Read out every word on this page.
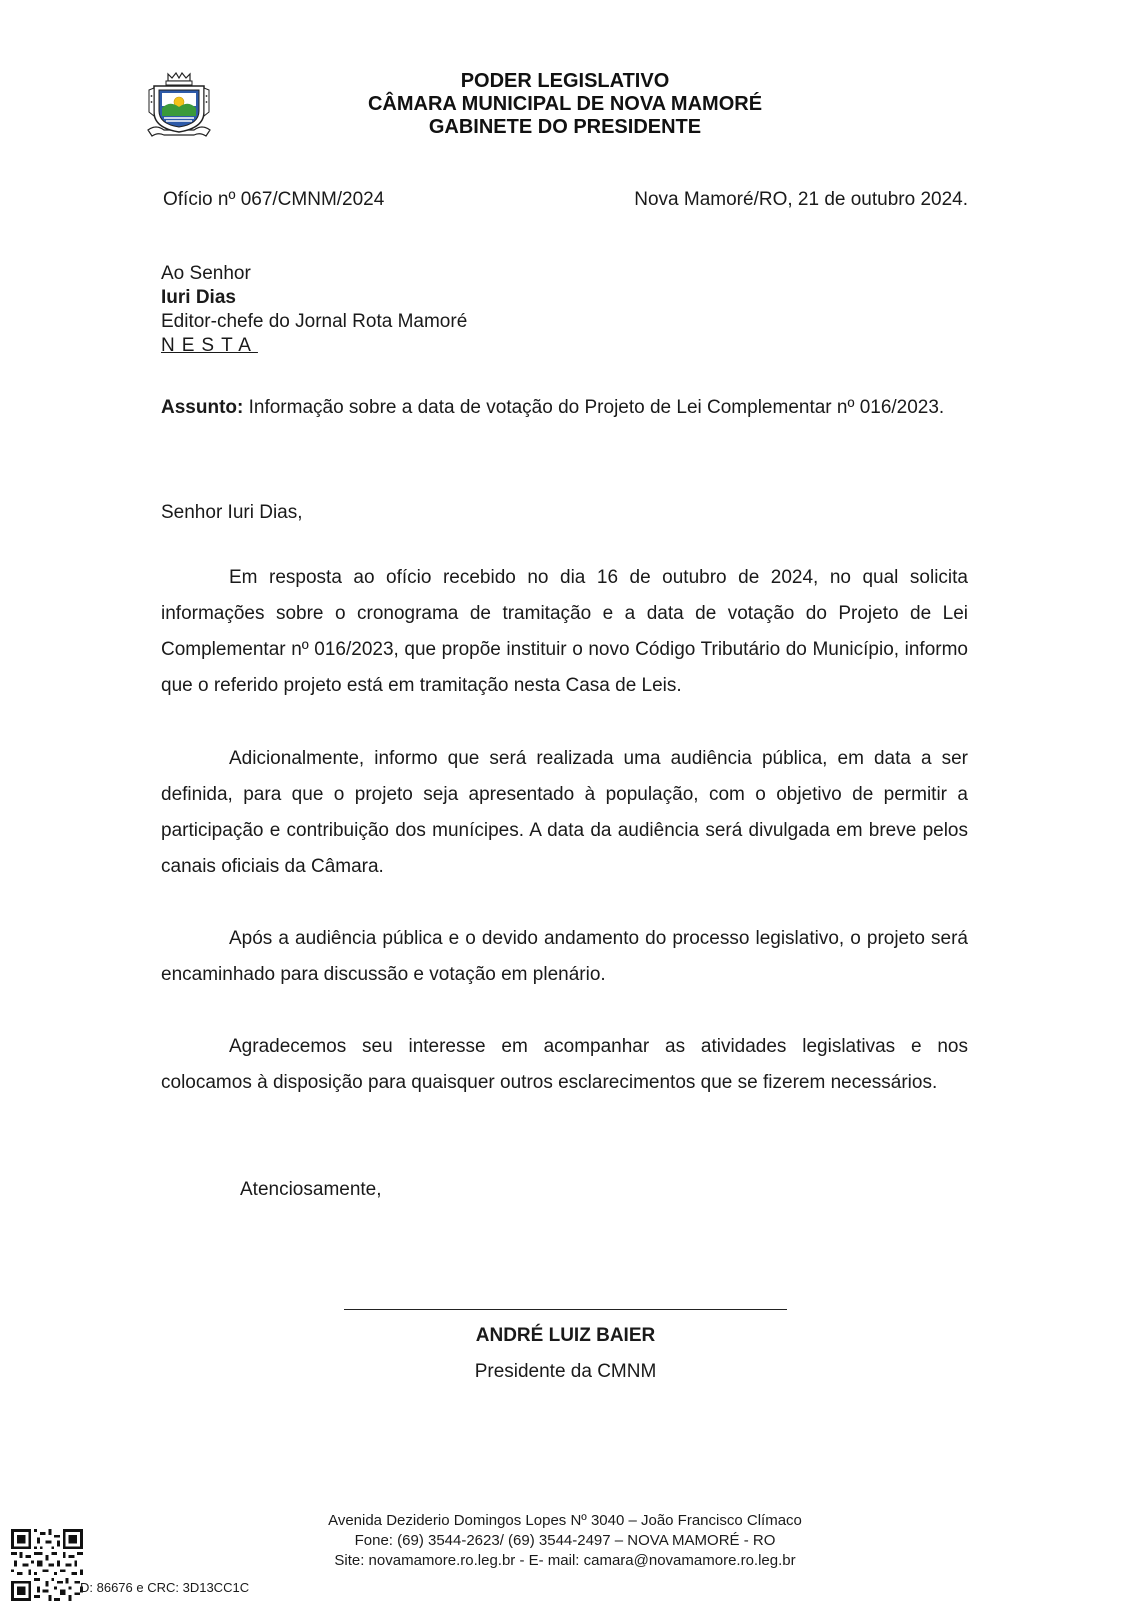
PODER LEGISLATIVO
CÂMARA MUNICIPAL DE NOVA MAMORÉ
GABINETE DO PRESIDENTE
Ofício nº 067/CMNM/2024	Nova Mamoré/RO, 21 de outubro 2024.
Ao Senhor
Iuri Dias
Editor-chefe do Jornal Rota Mamoré
NESTA
Assunto: Informação sobre a data de votação do Projeto de Lei Complementar nº 016/2023.
Senhor Iuri Dias,
Em resposta ao ofício recebido no dia 16 de outubro de 2024, no qual solicita informações sobre o cronograma de tramitação e a data de votação do Projeto de Lei Complementar nº 016/2023, que propõe instituir o novo Código Tributário do Município, informo que o referido projeto está em tramitação nesta Casa de Leis.
Adicionalmente, informo que será realizada uma audiência pública, em data a ser definida, para que o projeto seja apresentado à população, com o objetivo de permitir a participação e contribuição dos munícipes. A data da audiência será divulgada em breve pelos canais oficiais da Câmara.
Após a audiência pública e o devido andamento do processo legislativo, o projeto será encaminhado para discussão e votação em plenário.
Agradecemos seu interesse em acompanhar as atividades legislativas e nos colocamos à disposição para quaisquer outros esclarecimentos que se fizerem necessários.
Atenciosamente,
ANDRÉ LUIZ BAIER
Presidente da CMNM
Avenida Deziderio Domingos Lopes Nº 3040 – João Francisco Clímaco
Fone: (69) 3544-2623/ (69) 3544-2497 – NOVA MAMORÉ - RO
Site: novamamore.ro.leg.br - E- mail: camara@novamamore.ro.leg.br
D: 86676 e CRC: 3D13CC1C
